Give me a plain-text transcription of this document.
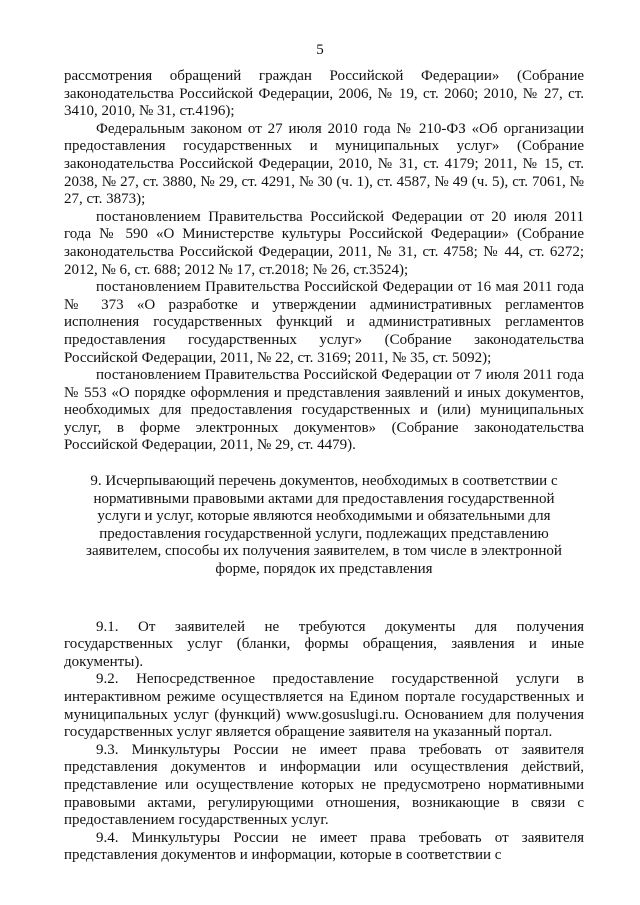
5

рассмотрения обращений граждан Российской Федерации» (Собрание законодательства Российской Федерации, 2006, № 19, ст. 2060; 2010, № 27, ст. 3410, 2010, № 31, ст.4196);

Федеральным законом от 27 июля 2010 года № 210-ФЗ «Об организации предоставления государственных и муниципальных услуг» (Собрание законодательства Российской Федерации, 2010, № 31, ст. 4179; 2011, № 15, ст. 2038, № 27, ст. 3880, № 29, ст. 4291, № 30 (ч. 1), ст. 4587, № 49 (ч. 5), ст. 7061, № 27, ст. 3873);

постановлением Правительства Российской Федерации от 20 июля 2011 года № 590 «О Министерстве культуры Российской Федерации» (Собрание законодательства Российской Федерации, 2011, № 31, ст. 4758; № 44, ст. 6272; 2012, № 6, ст. 688; 2012 № 17, ст.2018; № 26, ст.3524);

постановлением Правительства Российской Федерации от 16 мая 2011 года № 373 «О разработке и утверждении административных регламентов исполнения государственных функций и административных регламентов предоставления государственных услуг» (Собрание законодательства Российской Федерации, 2011, № 22, ст. 3169; 2011, № 35, ст. 5092);

постановлением Правительства Российской Федерации от 7 июля 2011 года № 553 «О порядке оформления и представления заявлений и иных документов, необходимых для предоставления государственных и (или) муниципальных услуг, в форме электронных документов» (Собрание законодательства Российской Федерации, 2011, № 29, ст. 4479).

9. Исчерпывающий перечень документов, необходимых в соответствии с нормативными правовыми актами для предоставления государственной услуги и услуг, которые являются необходимыми и обязательными для предоставления государственной услуги, подлежащих представлению заявителем, способы их получения заявителем, в том числе в электронной форме, порядок их представления

9.1. От заявителей не требуются документы для получения государственных услуг (бланки, формы обращения, заявления и иные документы).

9.2. Непосредственное предоставление государственной услуги в интерактивном режиме осуществляется на Едином портале государственных и муниципальных услуг (функций) www.gosuslugi.ru. Основанием для получения государственных услуг является обращение заявителя на указанный портал.

9.3. Минкультуры России не имеет права требовать от заявителя представления документов и информации или осуществления действий, представление или осуществление которых не предусмотрено нормативными правовыми актами, регулирующими отношения, возникающие в связи с предоставлением государственных услуг.

9.4. Минкультуры России не имеет права требовать от заявителя представления документов и информации, которые в соответствии с
